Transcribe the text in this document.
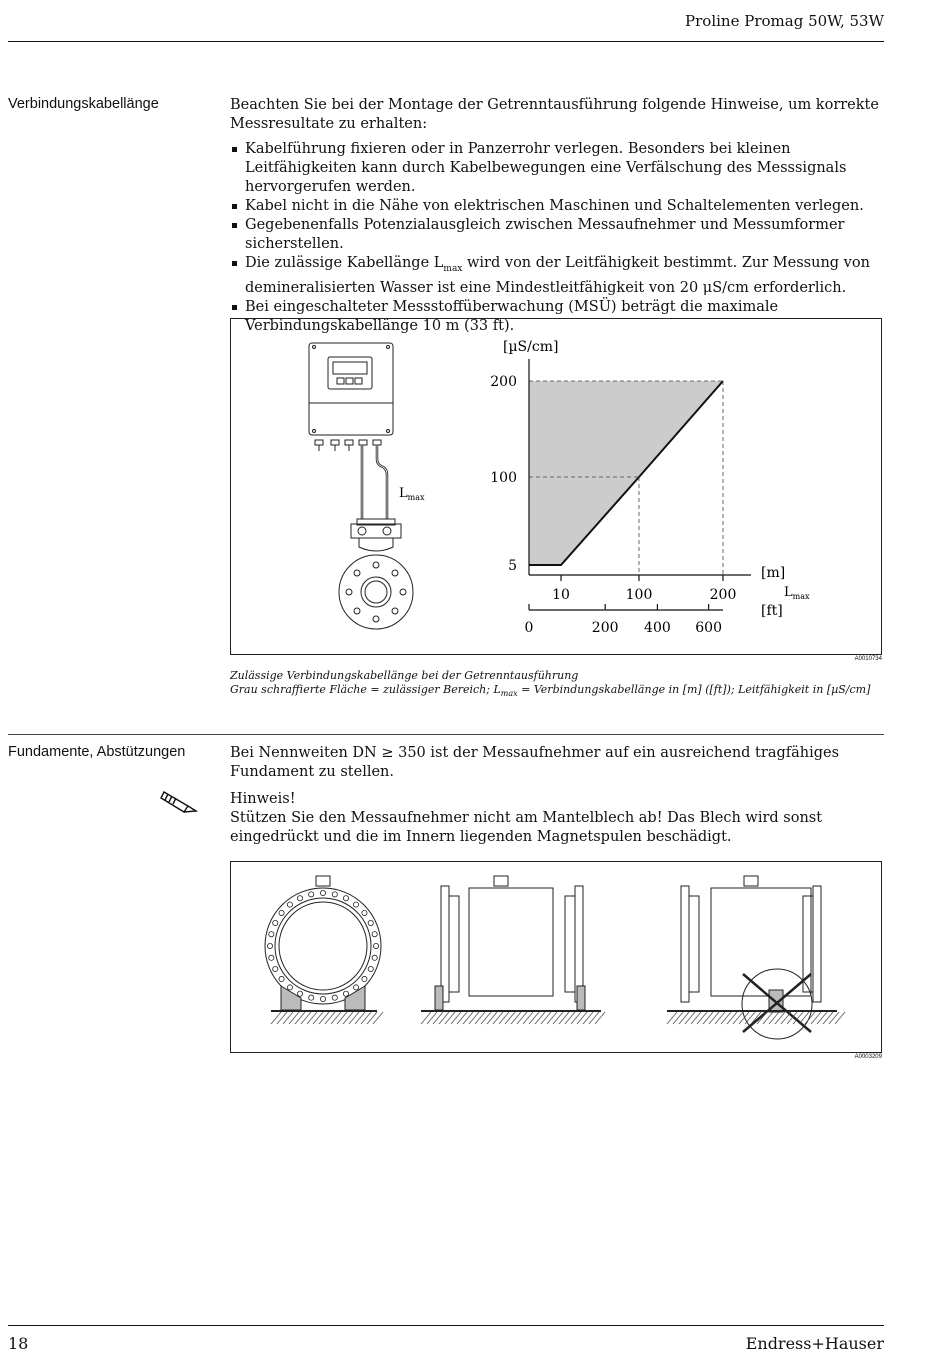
Proline Promag 50W, 53W
Verbindungskabellänge	Beachten Sie bei der Montage der Getrenntausführung folgende Hinweise, um korrekte Messresultate zu erhalten:
Kabelführung fixieren oder in Panzerrohr verlegen. Besonders bei kleinen Leitfähigkeiten kann durch Kabelbewegungen eine Verfälschung des Messsignals hervorgerufen werden.
Kabel nicht in die Nähe von elektrischen Maschinen und Schaltelementen verlegen.
Gegebenenfalls Potenzialausgleich zwischen Messaufnehmer und Messumformer sicherstellen.
Die zulässige Kabellänge $L_{max}$ wird von der Leitfähigkeit bestimmt. Zur Messung von demineralisierten Wasser ist eine Mindestleitfähigkeit von 20 μS/cm erforderlich.
Bei eingeschalteter Messstoffüberwachung (MSÜ) beträgt die maximale Verbindungskabellänge 10 m (33 ft).
$L_{max}$
[µS/cm]
5
100
200
10	100	200
[m]
0	200 400 600
[ft]
$L_{max}$
A0010734
Zulässige Verbindungskabellänge bei der Getrenntausführung
Grau schraffierte Fläche = zulässiger Bereich; $L_{max}$ = Verbindungskabellänge in [m] ([ft]); Leitfähigkeit in [µS/cm]
Fundamente, Abstützungen	Bei Nennweiten DN ≥ 350 ist der Messaufnehmer auf ein ausreichend tragfähiges Fundament zu stellen.
Hinweis!
Stützen Sie den Messaufnehmer nicht am Mantelblech ab! Das Blech wird sonst eingedrückt und die im Innern liegenden Magnetspulen beschädigt.
A0003209
18	Endress+Hauser
